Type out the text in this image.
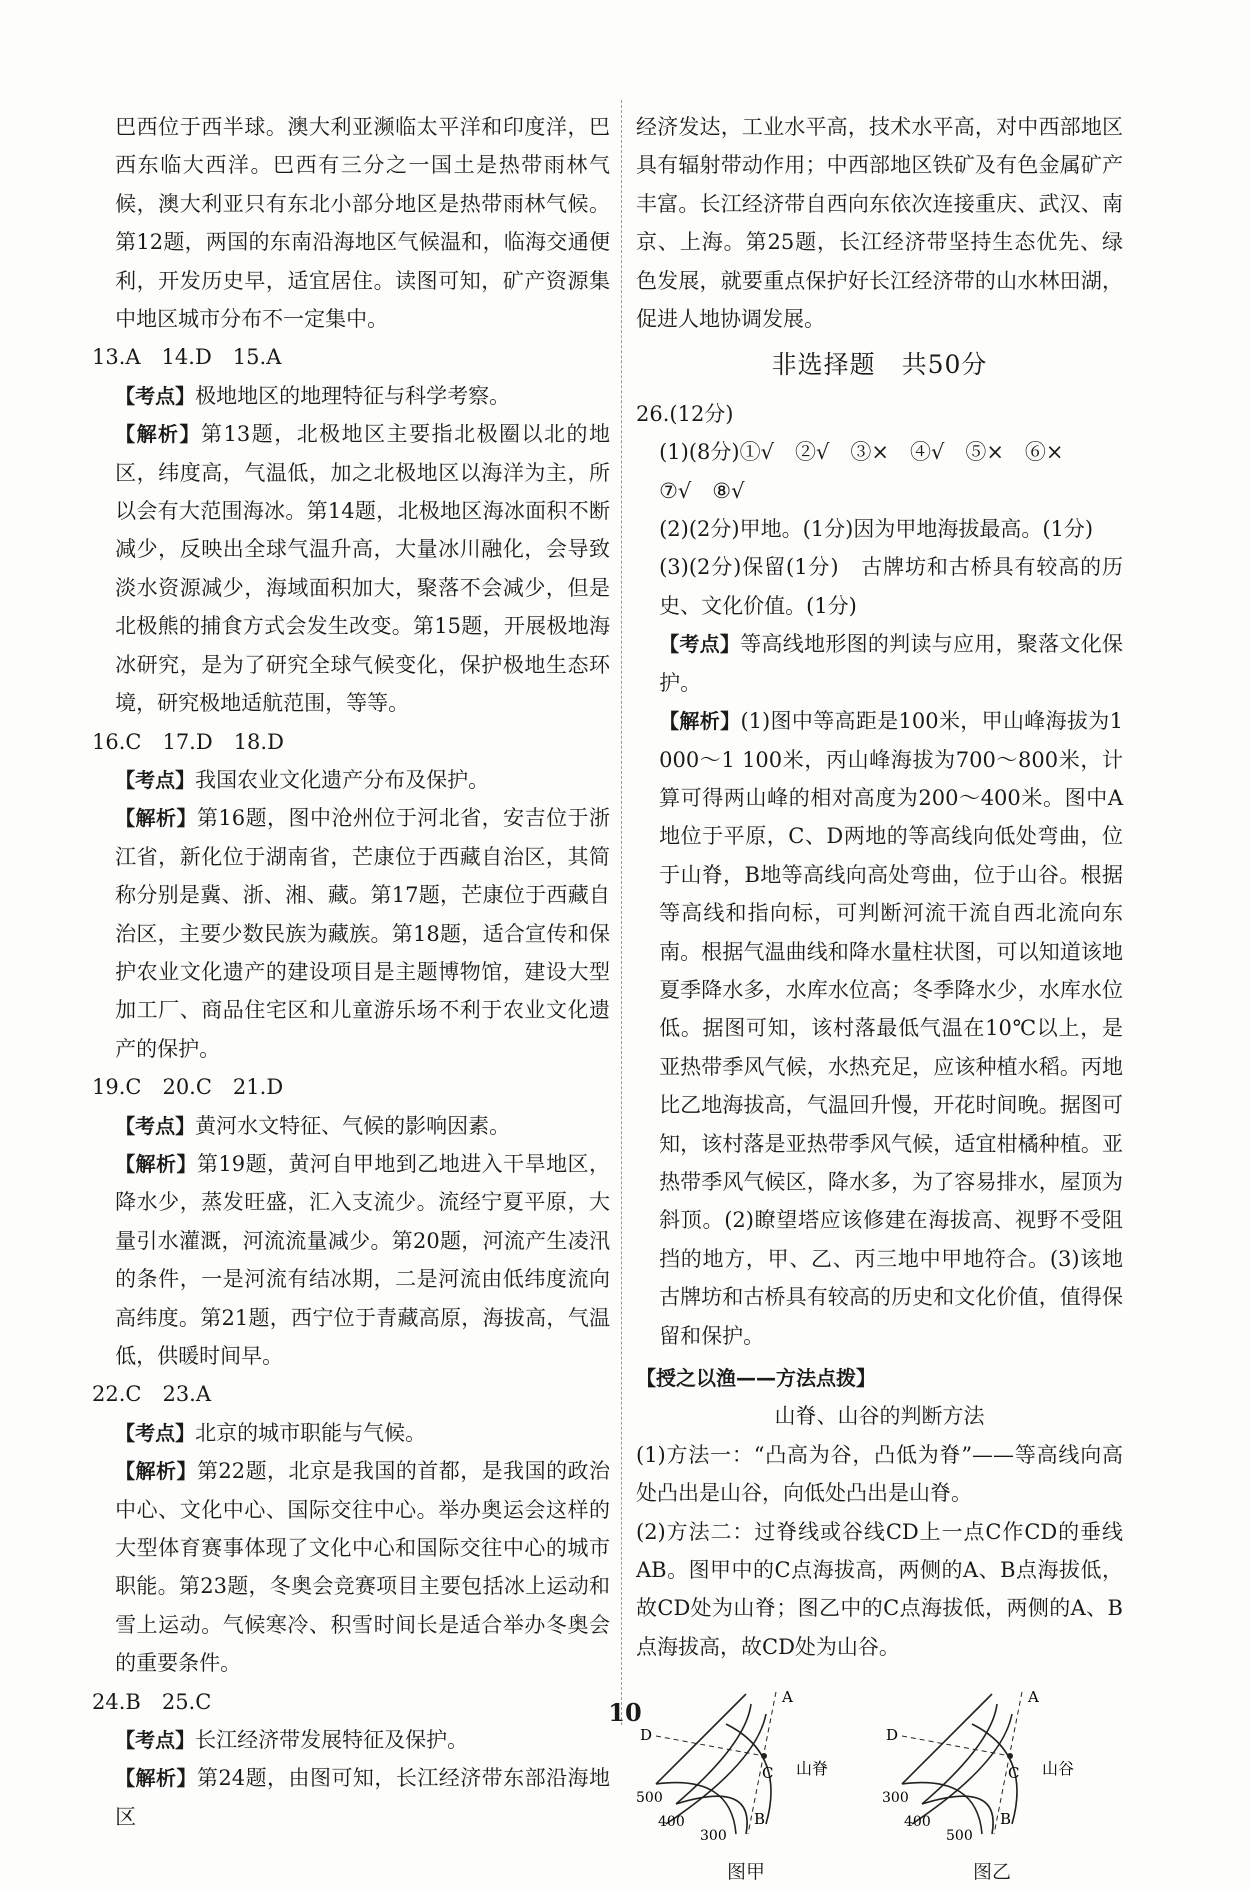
巴西位于西半球。澳大利亚濒临太平洋和印度洋，巴西东临大西洋。巴西有三分之一国土是热带雨林气候，澳大利亚只有东北小部分地区是热带雨林气候。第12题，两国的东南沿海地区气候温和，临海交通便利，开发历史早，适宜居住。读图可知，矿产资源集中地区城市分布不一定集中。

13.A　14.D　15.A

【考点】极地地区的地理特征与科学考察。

【解析】第13题，北极地区主要指北极圈以北的地区，纬度高，气温低，加之北极地区以海洋为主，所以会有大范围海冰。第14题，北极地区海冰面积不断减少，反映出全球气温升高，大量冰川融化，会导致淡水资源减少，海域面积加大，聚落不会减少，但是北极熊的捕食方式会发生改变。第15题，开展极地海冰研究，是为了研究全球气候变化，保护极地生态环境，研究极地适航范围，等等。

16.C　17.D　18.D

【考点】我国农业文化遗产分布及保护。

【解析】第16题，图中沧州位于河北省，安吉位于浙江省，新化位于湖南省，芒康位于西藏自治区，其简称分别是冀、浙、湘、藏。第17题，芒康位于西藏自治区，主要少数民族为藏族。第18题，适合宣传和保护农业文化遗产的建设项目是主题博物馆，建设大型加工厂、商品住宅区和儿童游乐场不利于农业文化遗产的保护。

19.C　20.C　21.D

【考点】黄河水文特征、气候的影响因素。

【解析】第19题，黄河自甲地到乙地进入干旱地区，降水少，蒸发旺盛，汇入支流少。流经宁夏平原，大量引水灌溉，河流流量减少。第20题，河流产生凌汛的条件，一是河流有结冰期，二是河流由低纬度流向高纬度。第21题，西宁位于青藏高原，海拔高，气温低，供暖时间早。

22.C　23.A

【考点】北京的城市职能与气候。

【解析】第22题，北京是我国的首都，是我国的政治中心、文化中心、国际交往中心。举办奥运会这样的大型体育赛事体现了文化中心和国际交往中心的城市职能。第23题，冬奥会竞赛项目主要包括冰上运动和雪上运动。气候寒冷、积雪时间长是适合举办冬奥会的重要条件。

24.B　25.C

【考点】长江经济带发展特征及保护。

【解析】第24题，由图可知，长江经济带东部沿海地区

经济发达，工业水平高，技术水平高，对中西部地区具有辐射带动作用；中西部地区铁矿及有色金属矿产丰富。长江经济带自西向东依次连接重庆、武汉、南京、上海。第25题，长江经济带坚持生态优先、绿色发展，就要重点保护好长江经济带的山水林田湖，促进人地协调发展。

非选择题　共50分

26.(12分)

(1)(8分)①√　②√　③×　④√　⑤×　⑥×

⑦√　⑧√

(2)(2分)甲地。(1分)因为甲地海拔最高。(1分)

(3)(2分)保留(1分)　古牌坊和古桥具有较高的历史、文化价值。(1分)

【考点】等高线地形图的判读与应用，聚落文化保护。

【解析】(1)图中等高距是100米，甲山峰海拔为1 000～1 100米，丙山峰海拔为700～800米，计算可得两山峰的相对高度为200～400米。图中A地位于平原，C、D两地的等高线向低处弯曲，位于山脊，B地等高线向高处弯曲，位于山谷。根据等高线和指向标，可判断河流干流自西北流向东南。根据气温曲线和降水量柱状图，可以知道该地夏季降水多，水库水位高；冬季降水少，水库水位低。据图可知，该村落最低气温在10℃以上，是亚热带季风气候，水热充足，应该种植水稻。丙地比乙地海拔高，气温回升慢，开花时间晚。据图可知，该村落是亚热带季风气候，适宜柑橘种植。亚热带季风气候区，降水多，为了容易排水，屋顶为斜顶。(2)瞭望塔应该修建在海拔高、视野不受阻挡的地方，甲、乙、丙三地中甲地符合。(3)该地古牌坊和古桥具有较高的历史和文化价值，值得保留和保护。

【授之以渔——方法点拨】

山脊、山谷的判断方法

(1)方法一：“凸高为谷，凸低为脊”——等高线向高处凸出是山谷，向低处凸出是山脊。

(2)方法二：过脊线或谷线CD上一点C作CD的垂线AB。图甲中的C点海拔高，两侧的A、B点海拔低，故CD处为山脊；图乙中的C点海拔低，两侧的A、B点海拔高，故CD处为山谷。

A
B
C
D
山脊
500
400
300
图甲
A
B
C
D
山谷
300
400
500
图乙
10
